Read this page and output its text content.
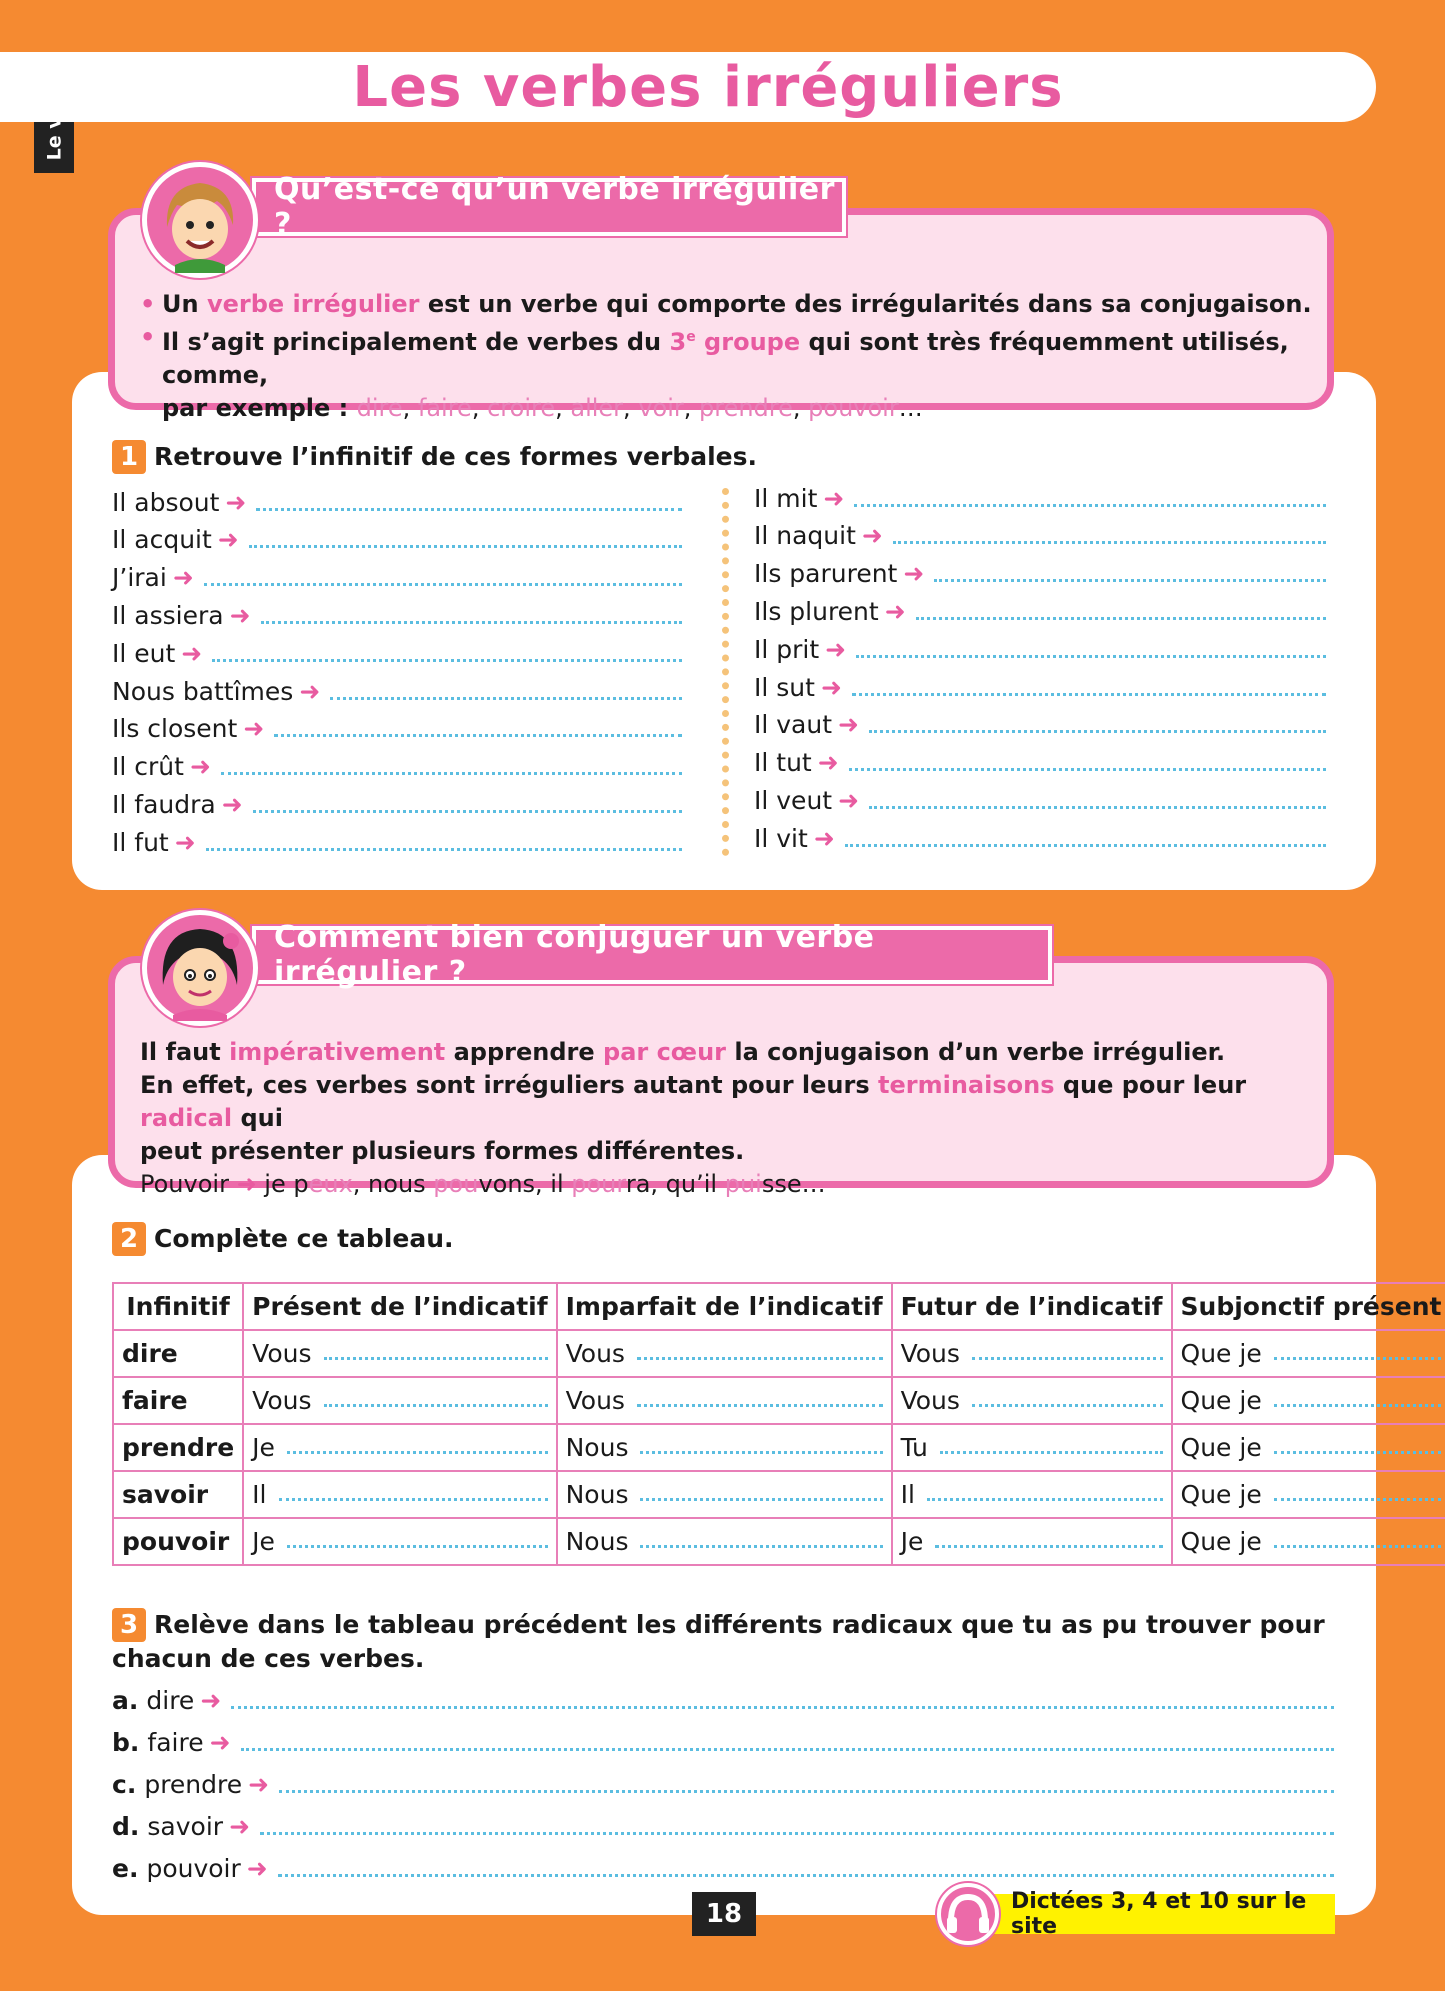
Les verbes irréguliers
Qu’est-ce qu’un verbe irrégulier ?
• Un verbe irrégulier est un verbe qui comporte des irrégularités dans sa conjugaison.
• Il s’agit principalement de verbes du 3e groupe qui sont très fréquemment utilisés, comme,
par exemple : dire, faire, croire, aller, voir, prendre, pouvoir…
1 Retrouve l’infinitif de ces formes verbales.
Il absout ➜
Il acquit ➜
J’irai ➜
Il assiera ➜
Il eut ➜
Nous battîmes ➜
Ils closent ➜
Il crût ➜
Il faudra ➜
Il fut ➜
Il mit ➜
Il naquit ➜
Ils parurent ➜
Ils plurent ➜
Il prit ➜
Il sut ➜
Il vaut ➜
Il tut ➜
Il veut ➜
Il vit ➜
Comment bien conjuguer un verbe irrégulier ?
Il faut impérativement apprendre par cœur la conjugaison d’un verbe irrégulier.
En effet, ces verbes sont irréguliers autant pour leurs terminaisons que pour leur radical qui
peut présenter plusieurs formes différentes.
Pouvoir ➜ je peux, nous pouvons, il pourra, qu’il puisse…
2 Complète ce tableau.
Infinitif	Présent de l’indicatif	Imparfait de l’indicatif	Futur de l’indicatif	Subjonctif présent
dire	Vous	Vous	Vous	Que je

faire	Vous	Vous	Vous	Que je

prendre	Je	Nous	Tu	Que je

savoir	Il	Nous	Il	Que je

pouvoir	Je	Nous	Je	Que je
3 Relève dans le tableau précédent les différents radicaux que tu as pu trouver pour
chacun de ces verbes.
a. dire ➜
b. faire ➜
c. prendre ➜
d. savoir ➜
e. pouvoir ➜
18	Dictées 3, 4 et 10 sur le site
